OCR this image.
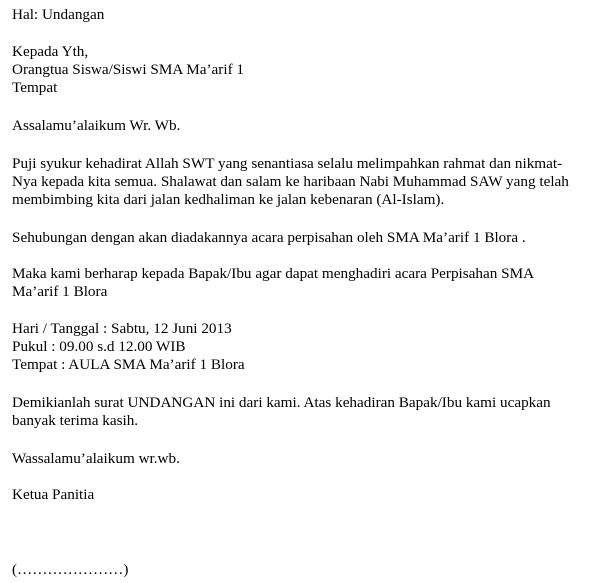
Hal: Undangan

Kepada Yth,

Orangtua Siswa/Siswi SMA Ma’arif 1

Tempat

Assalamu’alaikum Wr. Wb.

Puji syukur kehadirat Allah SWT yang senantiasa selalu melimpahkan rahmat dan nikmat-

Nya kepada kita semua. Shalawat dan salam ke haribaan Nabi Muhammad SAW yang telah

membimbing kita dari jalan kedhaliman ke jalan kebenaran (Al-Islam).

Sehubungan dengan akan diadakannya acara perpisahan oleh SMA Ma’arif 1 Blora .

Maka kami berharap kepada Bapak/Ibu agar dapat menghadiri acara Perpisahan SMA

Ma’arif 1 Blora

Hari / Tanggal : Sabtu, 12 Juni 2013

Pukul : 09.00 s.d 12.00 WIB

Tempat : AULA SMA Ma’arif 1 Blora

Demikianlah surat UNDANGAN ini dari kami. Atas kehadiran Bapak/Ibu kami ucapkan

banyak terima kasih.

Wassalamu’alaikum wr.wb.

Ketua Panitia

(…………………)
